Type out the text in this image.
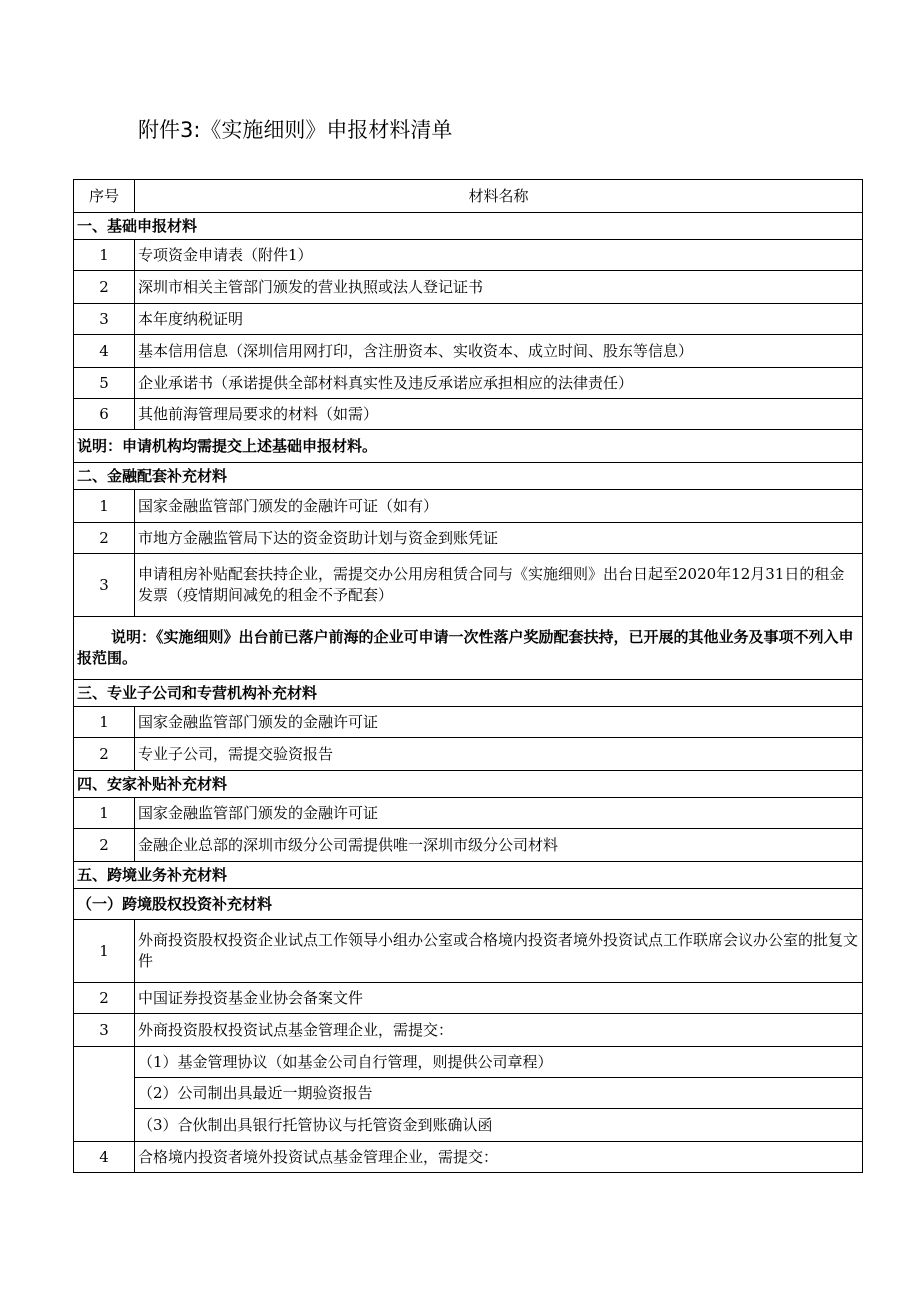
附件3:《实施细则》申报材料清单
序号	材料名称
一、基础申报材料	
1	专项资金申请表（附件1）
2	深圳市相关主管部门颁发的营业执照或法人登记证书
3	本年度纳税证明
4	基本信用信息（深圳信用网打印，含注册资本、实收资本、成立时间、股东等信息）
5	企业承诺书（承诺提供全部材料真实性及违反承诺应承担相应的法律责任）
6	其他前海管理局要求的材料（如需）
说明：申请机构均需提交上述基础申报材料。	
二、金融配套补充材料	
1	国家金融监管部门颁发的金融许可证（如有）
2	市地方金融监管局下达的资金资助计划与资金到账凭证
3	申请租房补贴配套扶持企业，需提交办公用房租赁合同与《实施细则》出台日起至2020年12月31日的租金发票（疫情期间减免的租金不予配套）
说明：《实施细则》出台前已落户前海的企业可申请一次性落户奖励配套扶持，已开展的其他业务及事项不列入申报范围。	
三、专业子公司和专营机构补充材料	
1	国家金融监管部门颁发的金融许可证
2	专业子公司，需提交验资报告
四、安家补贴补充材料	
1	国家金融监管部门颁发的金融许可证
2	金融企业总部的深圳市级分公司需提供唯一深圳市级分公司材料
五、跨境业务补充材料	
（一）跨境股权投资补充材料	
1	外商投资股权投资企业试点工作领导小组办公室或合格境内投资者境外投资试点工作联席会议办公室的批复文件
2	中国证券投资基金业协会备案文件
3	外商投资股权投资试点基金管理企业，需提交：
	（1）基金管理协议（如基金公司自行管理，则提供公司章程）
	（2）公司制出具最近一期验资报告
	（3）合伙制出具银行托管协议与托管资金到账确认函
4	合格境内投资者境外投资试点基金管理企业，需提交：
